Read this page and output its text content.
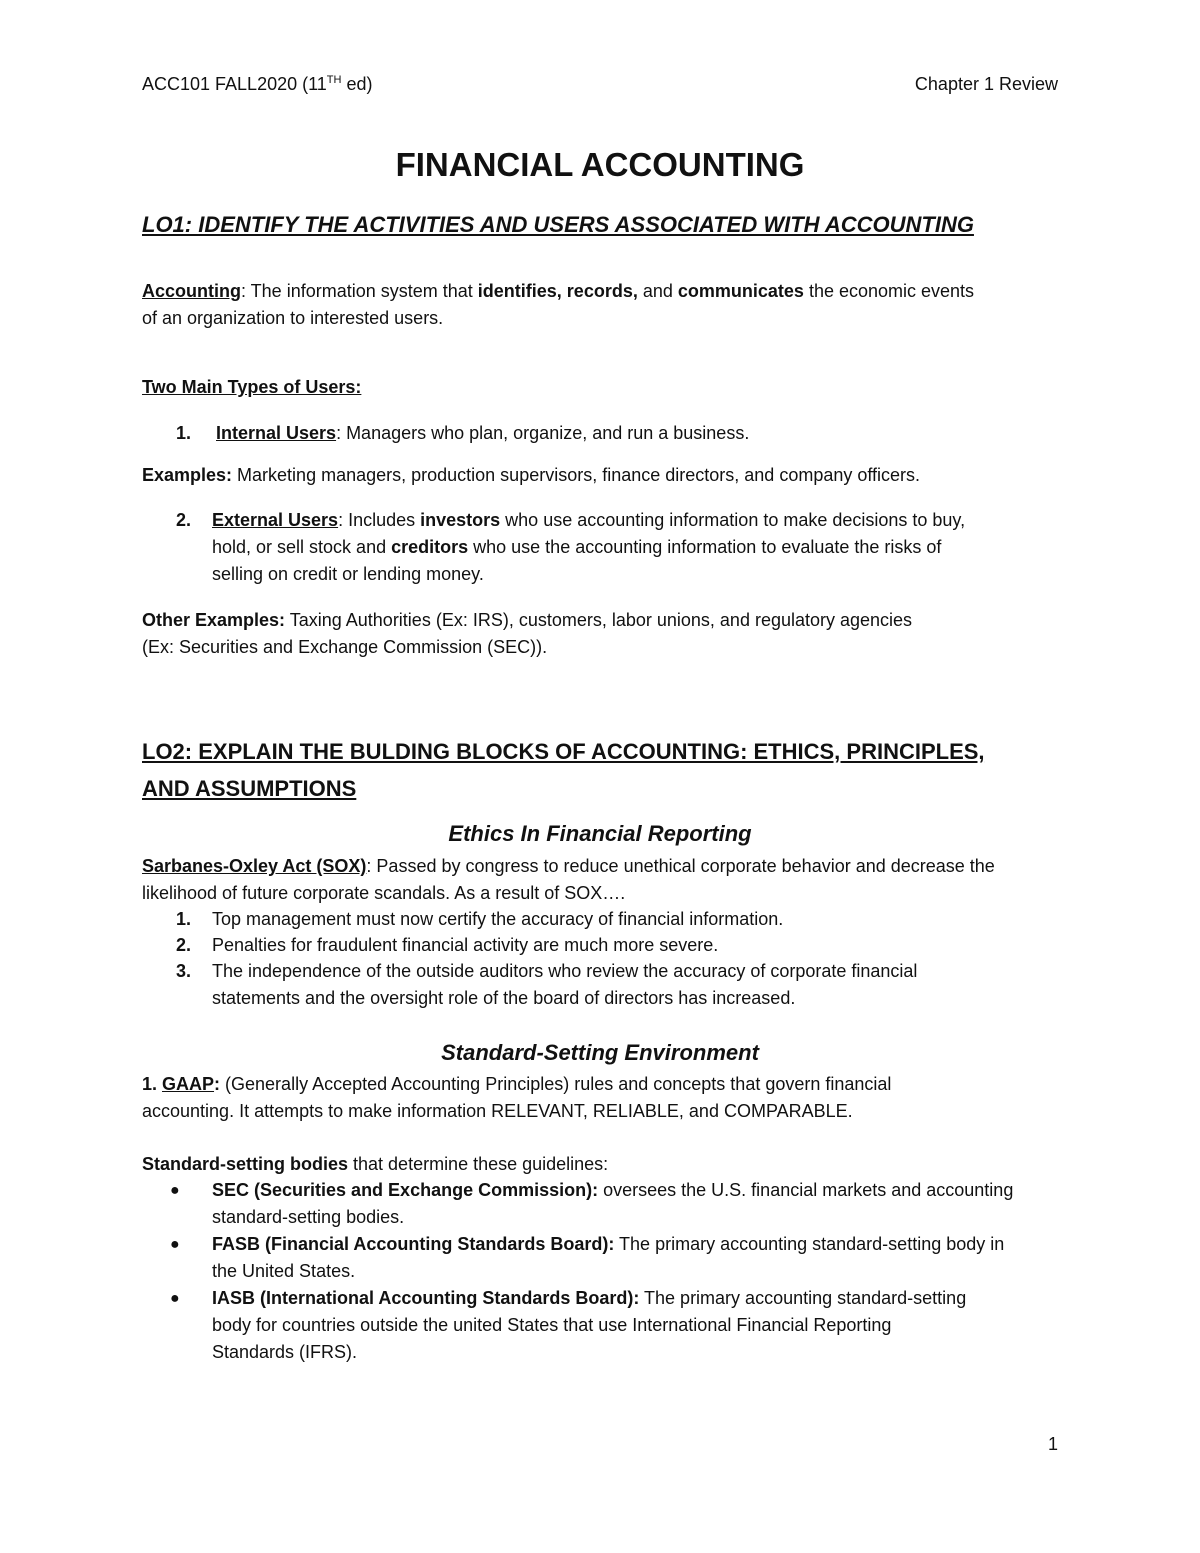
ACC101 FALL2020 (11TH ed)	Chapter 1 Review
FINANCIAL ACCOUNTING
LO1: IDENTIFY THE ACTIVITIES AND USERS ASSOCIATED WITH ACCOUNTING
Accounting: The information system that identifies, records, and communicates the economic events
of an organization to interested users.
Two Main Types of Users:
1. Internal Users: Managers who plan, organize, and run a business.
Examples: Marketing managers, production supervisors, finance directors, and company officers.
2. External Users: Includes investors who use accounting information to make decisions to buy,
hold, or sell stock and creditors who use the accounting information to evaluate the risks of
selling on credit or lending money.
Other Examples: Taxing Authorities (Ex: IRS), customers, labor unions, and regulatory agencies
(Ex: Securities and Exchange Commission (SEC)).
LO2: EXPLAIN THE BULDING BLOCKS OF ACCOUNTING: ETHICS, PRINCIPLES,
AND ASSUMPTIONS
Ethics In Financial Reporting
Sarbanes-Oxley Act (SOX): Passed by congress to reduce unethical corporate behavior and decrease the
likelihood of future corporate scandals. As a result of SOX….
1. Top management must now certify the accuracy of financial information.
2. Penalties for fraudulent financial activity are much more severe.
3. The independence of the outside auditors who review the accuracy of corporate financial
statements and the oversight role of the board of directors has increased.
Standard-Setting Environment
1. GAAP: (Generally Accepted Accounting Principles) rules and concepts that govern financial
accounting. It attempts to make information RELEVANT, RELIABLE, and COMPARABLE.
Standard-setting bodies that determine these guidelines:
● SEC (Securities and Exchange Commission): oversees the U.S. financial markets and accounting
standard-setting bodies.
● FASB (Financial Accounting Standards Board): The primary accounting standard-setting body in
the United States.
● IASB (International Accounting Standards Board): The primary accounting standard-setting
body for countries outside the united States that use International Financial Reporting
Standards (IFRS).
1
